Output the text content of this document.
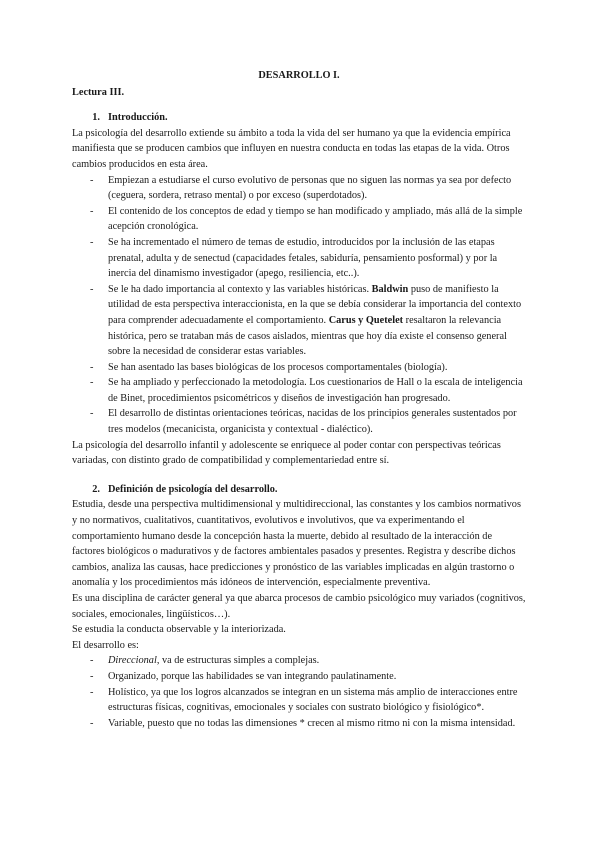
DESARROLLO I.

Lectura III.

1. Introducción.

La psicología del desarrollo extiende su ámbito a toda la vida del ser humano ya que la evidencia empírica manifiesta que se producen cambios que influyen en nuestra conducta en todas las etapas de la vida. Otros cambios producidos en esta área.

- Empiezan a estudiarse el curso evolutivo de personas que no siguen las normas ya sea por defecto (ceguera, sordera, retraso mental) o por exceso (superdotados).
- El contenido de los conceptos de edad y tiempo se han modificado y ampliado, más allá de la simple acepción cronológica.
- Se ha incrementado el número de temas de estudio, introducidos por la inclusión de las etapas prenatal, adulta y de senectud (capacidades fetales, sabiduría, pensamiento posformal) y por la inercia del dinamismo investigador (apego, resiliencia, etc..).
- Se le ha dado importancia al contexto y las variables históricas. Baldwin puso de manifiesto la utilidad de esta perspectiva interaccionista, en la que se debía considerar la importancia del contexto para comprender adecuadamente el comportamiento. Carus y Quetelet resaltaron la relevancia histórica, pero se trataban más de casos aislados, mientras que hoy día existe el consenso general sobre la necesidad de considerar estas variables.
- Se han asentado las bases biológicas de los procesos comportamentales (biología).
- Se ha ampliado y perfeccionado la metodología. Los cuestionarios de Hall o la escala de inteligencia de Binet, procedimientos psicométricos y diseños de investigación han progresado.
- El desarrollo de distintas orientaciones teóricas, nacidas de los principios generales sustentados por tres modelos (mecanicista, organicista y contextual - dialéctico).

La psicología del desarrollo infantil y adolescente se enriquece al poder contar con perspectivas teóricas variadas, con distinto grado de compatibilidad y complementariedad entre sí.

2. Definición de psicología del desarrollo.

Estudia, desde una perspectiva multidimensional y multidireccional, las constantes y los cambios normativos y no normativos, cualitativos, cuantitativos, evolutivos e involutivos, que va experimentando el comportamiento humano desde la concepción hasta la muerte, debido al resultado de la interacción de factores biológicos o madurativos y de factores ambientales pasados y presentes. Registra y describe dichos cambios, analiza las causas, hace predicciones y pronóstico de las variables implicadas en algún trastorno o anomalía y los procedimientos más idóneos de intervención, especialmente preventiva.

Es una disciplina de carácter general ya que abarca procesos de cambio psicológico muy variados (cognitivos, sociales, emocionales, lingüísticos…).

Se estudia la conducta observable y la interiorizada.

El desarrollo es:

- Direccional, va de estructuras simples a complejas.
- Organizado, porque las habilidades se van integrando paulatinamente.
- Holístico, ya que los logros alcanzados se integran en un sistema más amplio de interacciones entre estructuras físicas, cognitivas, emocionales y sociales con sustrato biológico y fisiológico*.
- Variable, puesto que no todas las dimensiones * crecen al mismo ritmo ni con la misma intensidad.
